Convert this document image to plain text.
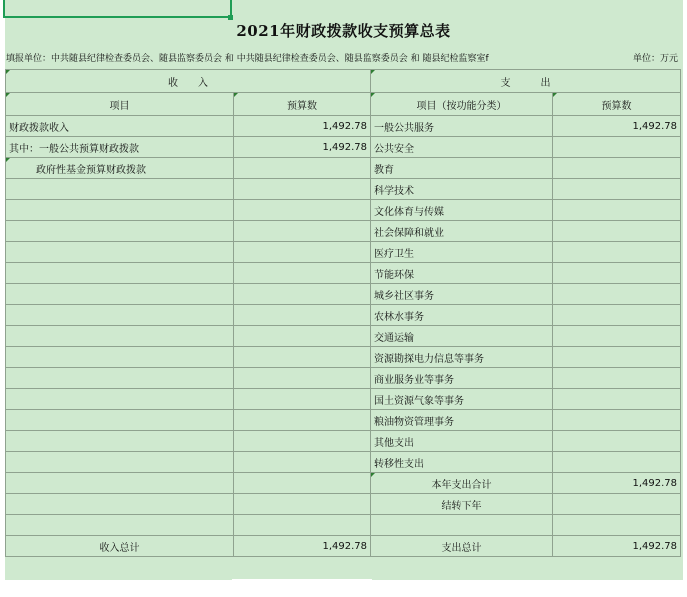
2021年财政拨款收支预算总表
填报单位：中共随县纪律检查委员会、随县监察委员会 和 中共随县纪律检查委员会、随县监察委员会 和 随县纪检监察室f	单位：万元
收　　入		支　　　出	
项目	预算数	项目（按功能分类）	预算数
财政拨款收入	1,492.78	一般公共服务	1,492.78
其中：一般公共预算财政拨款	1,492.78	公共安全	
政府性基金预算财政拨款		教育	
		科学技术	
		文化体育与传媒	
		社会保障和就业	
		医疗卫生	
		节能环保	
		城乡社区事务	
		农林水事务	
		交通运输	
		资源勘探电力信息等事务	
		商业服务业等事务	
		国土资源气象等事务	
		粮油物资管理事务	
		其他支出	
		转移性支出	
		本年支出合计	1,492.78
		结转下年	

收入总计	1,492.78	支出总计	1,492.78
